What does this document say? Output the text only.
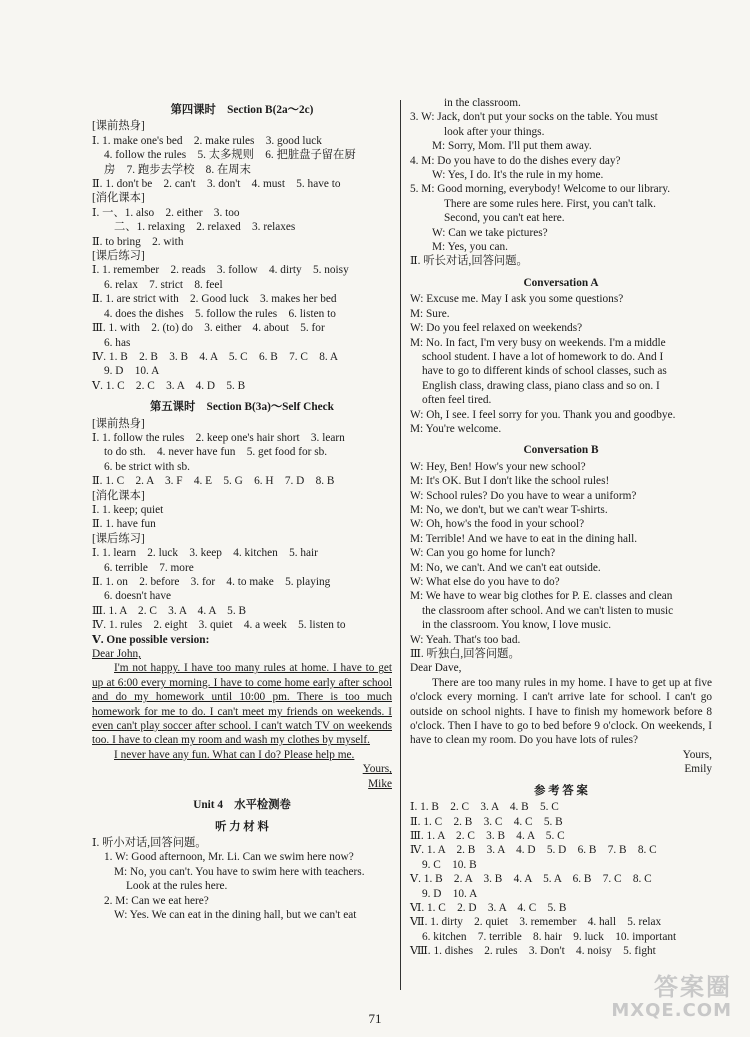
第四课时　Section B(2a～2c)
[课前热身]
Ⅰ. 1. make one's bed　2. make rules　3. good luck
4. follow the rules　5. 太多规则　6. 把脏盘子留在厨
房　7. 跑步去学校　8. 在周末
Ⅱ. 1. don't be　2. can't　3. don't　4. must　5. have to
[消化课本]
Ⅰ. 一、1. also　2. either　3. too
二、1. relaxing　2. relaxed　3. relaxes
Ⅱ. to bring　2. with
[课后练习]
Ⅰ. 1. remember　2. reads　3. follow　4. dirty　5. noisy
6. relax　7. strict　8. feel
Ⅱ. 1. are strict with　2. Good luck　3. makes her bed
4. does the dishes　5. follow the rules　6. listen to
Ⅲ. 1. with　2. (to) do　3. either　4. about　5. for
6. has
Ⅳ. 1. B　2. B　3. B　4. A　5. C　6. B　7. C　8. A
9. D　10. A
Ⅴ. 1. C　2. C　3. A　4. D　5. B
第五课时　Section B(3a)～Self Check
[课前热身]
Ⅰ. 1. follow the rules　2. keep one's hair short　3. learn
to do sth.　4. never have fun　5. get food for sb.
6. be strict with sb.
Ⅱ. 1. C　2. A　3. F　4. E　5. G　6. H　7. D　8. B
[消化课本]
Ⅰ. 1. keep; quiet
Ⅱ. 1. have fun
[课后练习]
Ⅰ. 1. learn　2. luck　3. keep　4. kitchen　5. hair
6. terrible　7. more
Ⅱ. 1. on　2. before　3. for　4. to make　5. playing
6. doesn't have
Ⅲ. 1. A　2. C　3. A　4. A　5. B
Ⅳ. 1. rules　2. eight　3. quiet　4. a week　5. listen to
Ⅴ. One possible version:
Dear John,
I'm not happy. I have too many rules at home. I have to get up at 6:00 every morning. I have to come home early after school and do my homework until 10:00 pm. There is too much homework for me to do. I can't meet my friends on weekends. I even can't play soccer after school. I can't watch TV on weekends too. I have to clean my room and wash my clothes by myself.
I never have any fun. What can I do? Please help me.
Yours,
Mike
Unit 4　水平检测卷
听 力 材 料
Ⅰ. 听小对话,回答问题。
1. W: Good afternoon, Mr. Li. Can we swim here now?
M: No, you can't. You have to swim here with teachers.
Look at the rules here.
2. M: Can we eat here?
W: Yes. We can eat in the dining hall, but we can't eat
in the classroom.
3. W: Jack, don't put your socks on the table. You must
look after your things.
M: Sorry, Mom. I'll put them away.
4. M: Do you have to do the dishes every day?
W: Yes, I do. It's the rule in my home.
5. M: Good morning, everybody! Welcome to our library.
There are some rules here. First, you can't talk.
Second, you can't eat here.
W: Can we take pictures?
M: Yes, you can.
Ⅱ. 听长对话,回答问题。
Conversation A
W: Excuse me. May I ask you some questions?
M: Sure.
W: Do you feel relaxed on weekends?
M: No. In fact, I'm very busy on weekends. I'm a middle
school student. I have a lot of homework to do. And I
have to go to different kinds of school classes, such as
English class, drawing class, piano class and so on. I
often feel tired.
W: Oh, I see. I feel sorry for you. Thank you and goodbye.
M: You're welcome.
Conversation B
W: Hey, Ben! How's your new school?
M: It's OK. But I don't like the school rules!
W: School rules? Do you have to wear a uniform?
M: No, we don't, but we can't wear T-shirts.
W: Oh, how's the food in your school?
M: Terrible! And we have to eat in the dining hall.
W: Can you go home for lunch?
M: No, we can't. And we can't eat outside.
W: What else do you have to do?
M: We have to wear big clothes for P. E. classes and clean
the classroom after school. And we can't listen to music
in the classroom. You know, I love music.
W: Yeah. That's too bad.
Ⅲ. 听独白,回答问题。
Dear Dave,
There are too many rules in my home. I have to get up at five o'clock every morning. I can't arrive late for school. I can't go outside on school nights. I have to finish my homework before 8 o'clock. Then I have to go to bed before 9 o'clock. On weekends, I have to clean my room. Do you have lots of rules?
Yours,
Emily
参 考 答 案
Ⅰ. 1. B　2. C　3. A　4. B　5. C
Ⅱ. 1. C　2. B　3. C　4. C　5. B
Ⅲ. 1. A　2. C　3. B　4. A　5. C
Ⅳ. 1. A　2. B　3. A　4. D　5. D　6. B　7. B　8. C
9. C　10. B
Ⅴ. 1. B　2. A　3. B　4. A　5. A　6. B　7. C　8. C
9. D　10. A
Ⅵ. 1. C　2. D　3. A　4. C　5. B
Ⅶ. 1. dirty　2. quiet　3. remember　4. hall　5. relax
6. kitchen　7. terrible　8. hair　9. luck　10. important
Ⅷ. 1. dishes　2. rules　3. Don't　4. noisy　5. fight
71
答案圈
MXQE.COM
